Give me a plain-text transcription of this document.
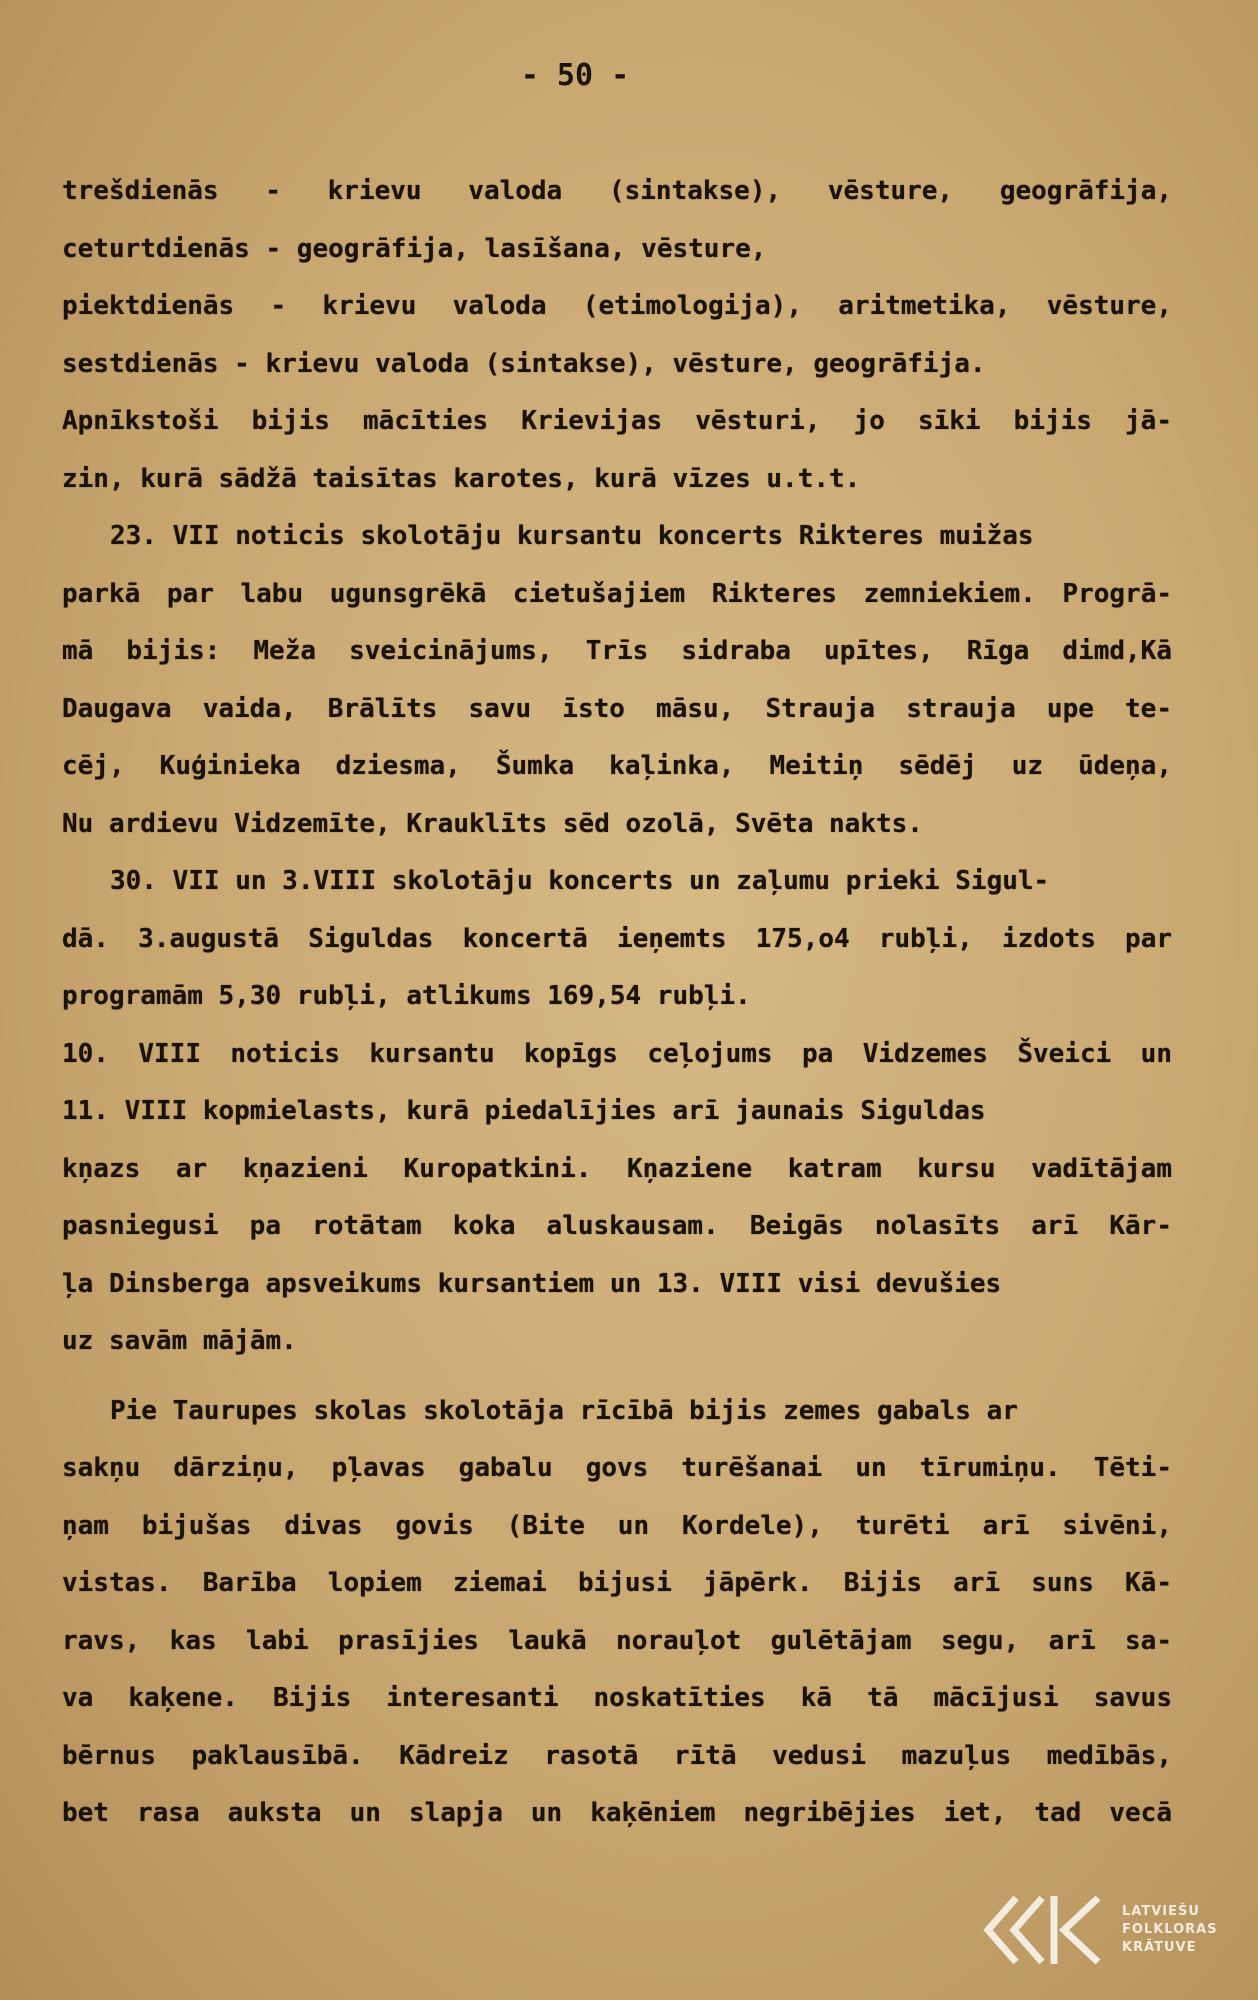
- 50 -
trešdienās - krievu valoda (sintakse), vēsture, geogrāfija,
ceturtdienās - geogrāfija, lasīšana, vēsture,
piektdienās - krievu valoda (etimologija), aritmetika, vēsture,
sestdienās - krievu valoda (sintakse), vēsture, geogrāfija.
Apnīkstoši bijis mācīties Krievijas vēsturi, jo sīki bijis jā-
zin, kurā sādžā taisītas karotes, kurā vīzes u.t.t.
23. VII noticis skolotāju kursantu koncerts Rikteres muižas
parkā par labu ugunsgrēkā cietušajiem Rikteres zemniekiem. Progrā-
mā bijis: Meža sveicinājums, Trīs sidraba upītes, Rīga dimd,Kā
Daugava vaida, Brālīts savu īsto māsu, Strauja strauja upe te-
cēj, Kuģinieka dziesma, Šumka kaļinka, Meitiņ sēdēj uz ūdeņa,
Nu ardievu Vidzemīte, Krauklīts sēd ozolā, Svēta nakts.
30. VII un 3.VIII skolotāju koncerts un zaļumu prieki Sigul-
dā. 3.augustā Siguldas koncertā ieņemts 175,o4 rubļi, izdots par
programām 5,30 rubļi, atlikums 169,54 rubļi.
10. VIII noticis kursantu kopīgs ceļojums pa Vidzemes Šveici un
11. VIII kopmielasts, kurā piedalījies arī jaunais Siguldas
kņazs ar kņazieni Kuropatkini. Kņaziene katram kursu vadītājam
pasniegusi pa rotātam koka aluskausam. Beigās nolasīts arī Kār-
ļa Dinsberga apsveikums kursantiem un 13. VIII visi devušies
uz savām mājām.
Pie Taurupes skolas skolotāja rīcībā bijis zemes gabals ar
sakņu dārziņu, pļavas gabalu govs turēšanai un tīrumiņu. Tēti-
ņam bijušas divas govis (Bite un Kordele), turēti arī sivēni,
vistas. Barība lopiem ziemai bijusi jāpērk. Bijis arī suns Kā-
ravs, kas labi prasījies laukā norauļot gulētājam segu, arī sa-
va kaķene. Bijis interesanti noskatīties kā tā mācījusi savus
bērnus paklausībā. Kādreiz rasotā rītā vedusi mazuļus medībās,
bet rasa auksta un slapja un kaķēniem negribējies iet, tad vecā
LATVIEŠU
FOLKLORAS
KRĀTUVE
